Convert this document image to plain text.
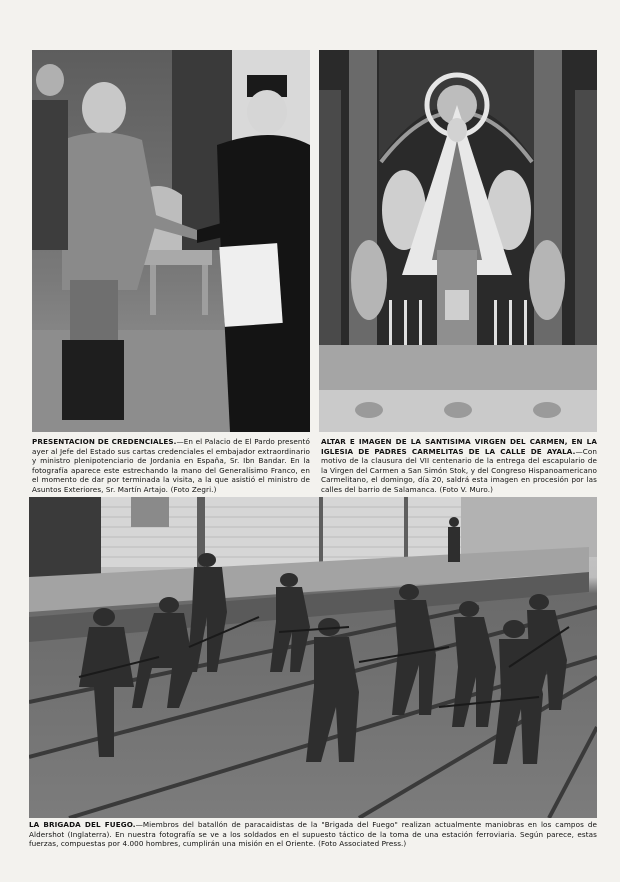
PRESENTACION DE CREDENCIALES.—En el Palacio de El Pardo presentó ayer al Jefe del Estado sus cartas credenciales el embajador extraordinario y ministro plenipotenciario de Jordania en España, Sr. Ibn Bandar. En la fotografía aparece este estrechando la mano del Generalísimo Franco, en el momento de dar por terminada la visita, a la que asistió el ministro de Asuntos Exteriores, Sr. Martín Artajo. (Foto Zegri.)
ALTAR E IMAGEN DE LA SANTISIMA VIRGEN DEL CARMEN, EN LA IGLESIA DE PADRES CARMELITAS DE LA CALLE DE AYALA.—Con motivo de la clausura del VII centenario de la entrega del escapulario de la Virgen del Carmen a San Simón Stok, y del Congreso Hispanoamericano Carmelitano, el domingo, día 20, saldrá esta imagen en procesión por las calles del barrio de Salamanca. (Foto V. Muro.)
LA BRIGADA DEL FUEGO.—Miembros del batallón de paracaidistas de la "Brigada del Fuego" realizan actualmente maniobras en los campos de Aldershot (Inglaterra). En nuestra fotografía se ve a los soldados en el supuesto táctico de la toma de una estación ferroviaria. Según parece, estas fuerzas, compuestas por 4.000 hombres, cumplirán una misión en el Oriente. (Foto Associated Press.)
